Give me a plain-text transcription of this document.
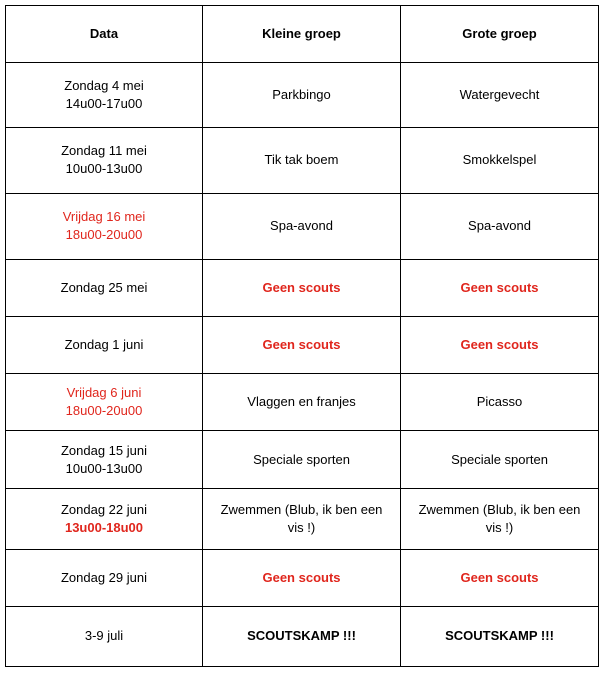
Data	Kleine groep	Grote groep

Zondag 4 mei
14u00-17u00	Parkbingo	Watergevecht

Zondag 11 mei
10u00-13u00	Tik tak boem	Smokkelspel

Vrijdag 16 mei
18u00-20u00	Spa-avond	Spa-avond
Zondag 25 mei	Geen scouts	Geen scouts
Zondag 1 juni	Geen scouts	Geen scouts

Vrijdag 6 juni
18u00-20u00	Vlaggen en franjes	Picasso

Zondag 15 juni
10u00-13u00	Speciale sporten	Speciale sporten

Zondag 22 juni
13u00-18u00	Zwemmen (Blub, ik ben een vis !)	Zwemmen (Blub, ik ben een vis !)
Zondag 29 juni	Geen scouts	Geen scouts
3-9 juli	SCOUTSKAMP !!!	SCOUTSKAMP !!!
